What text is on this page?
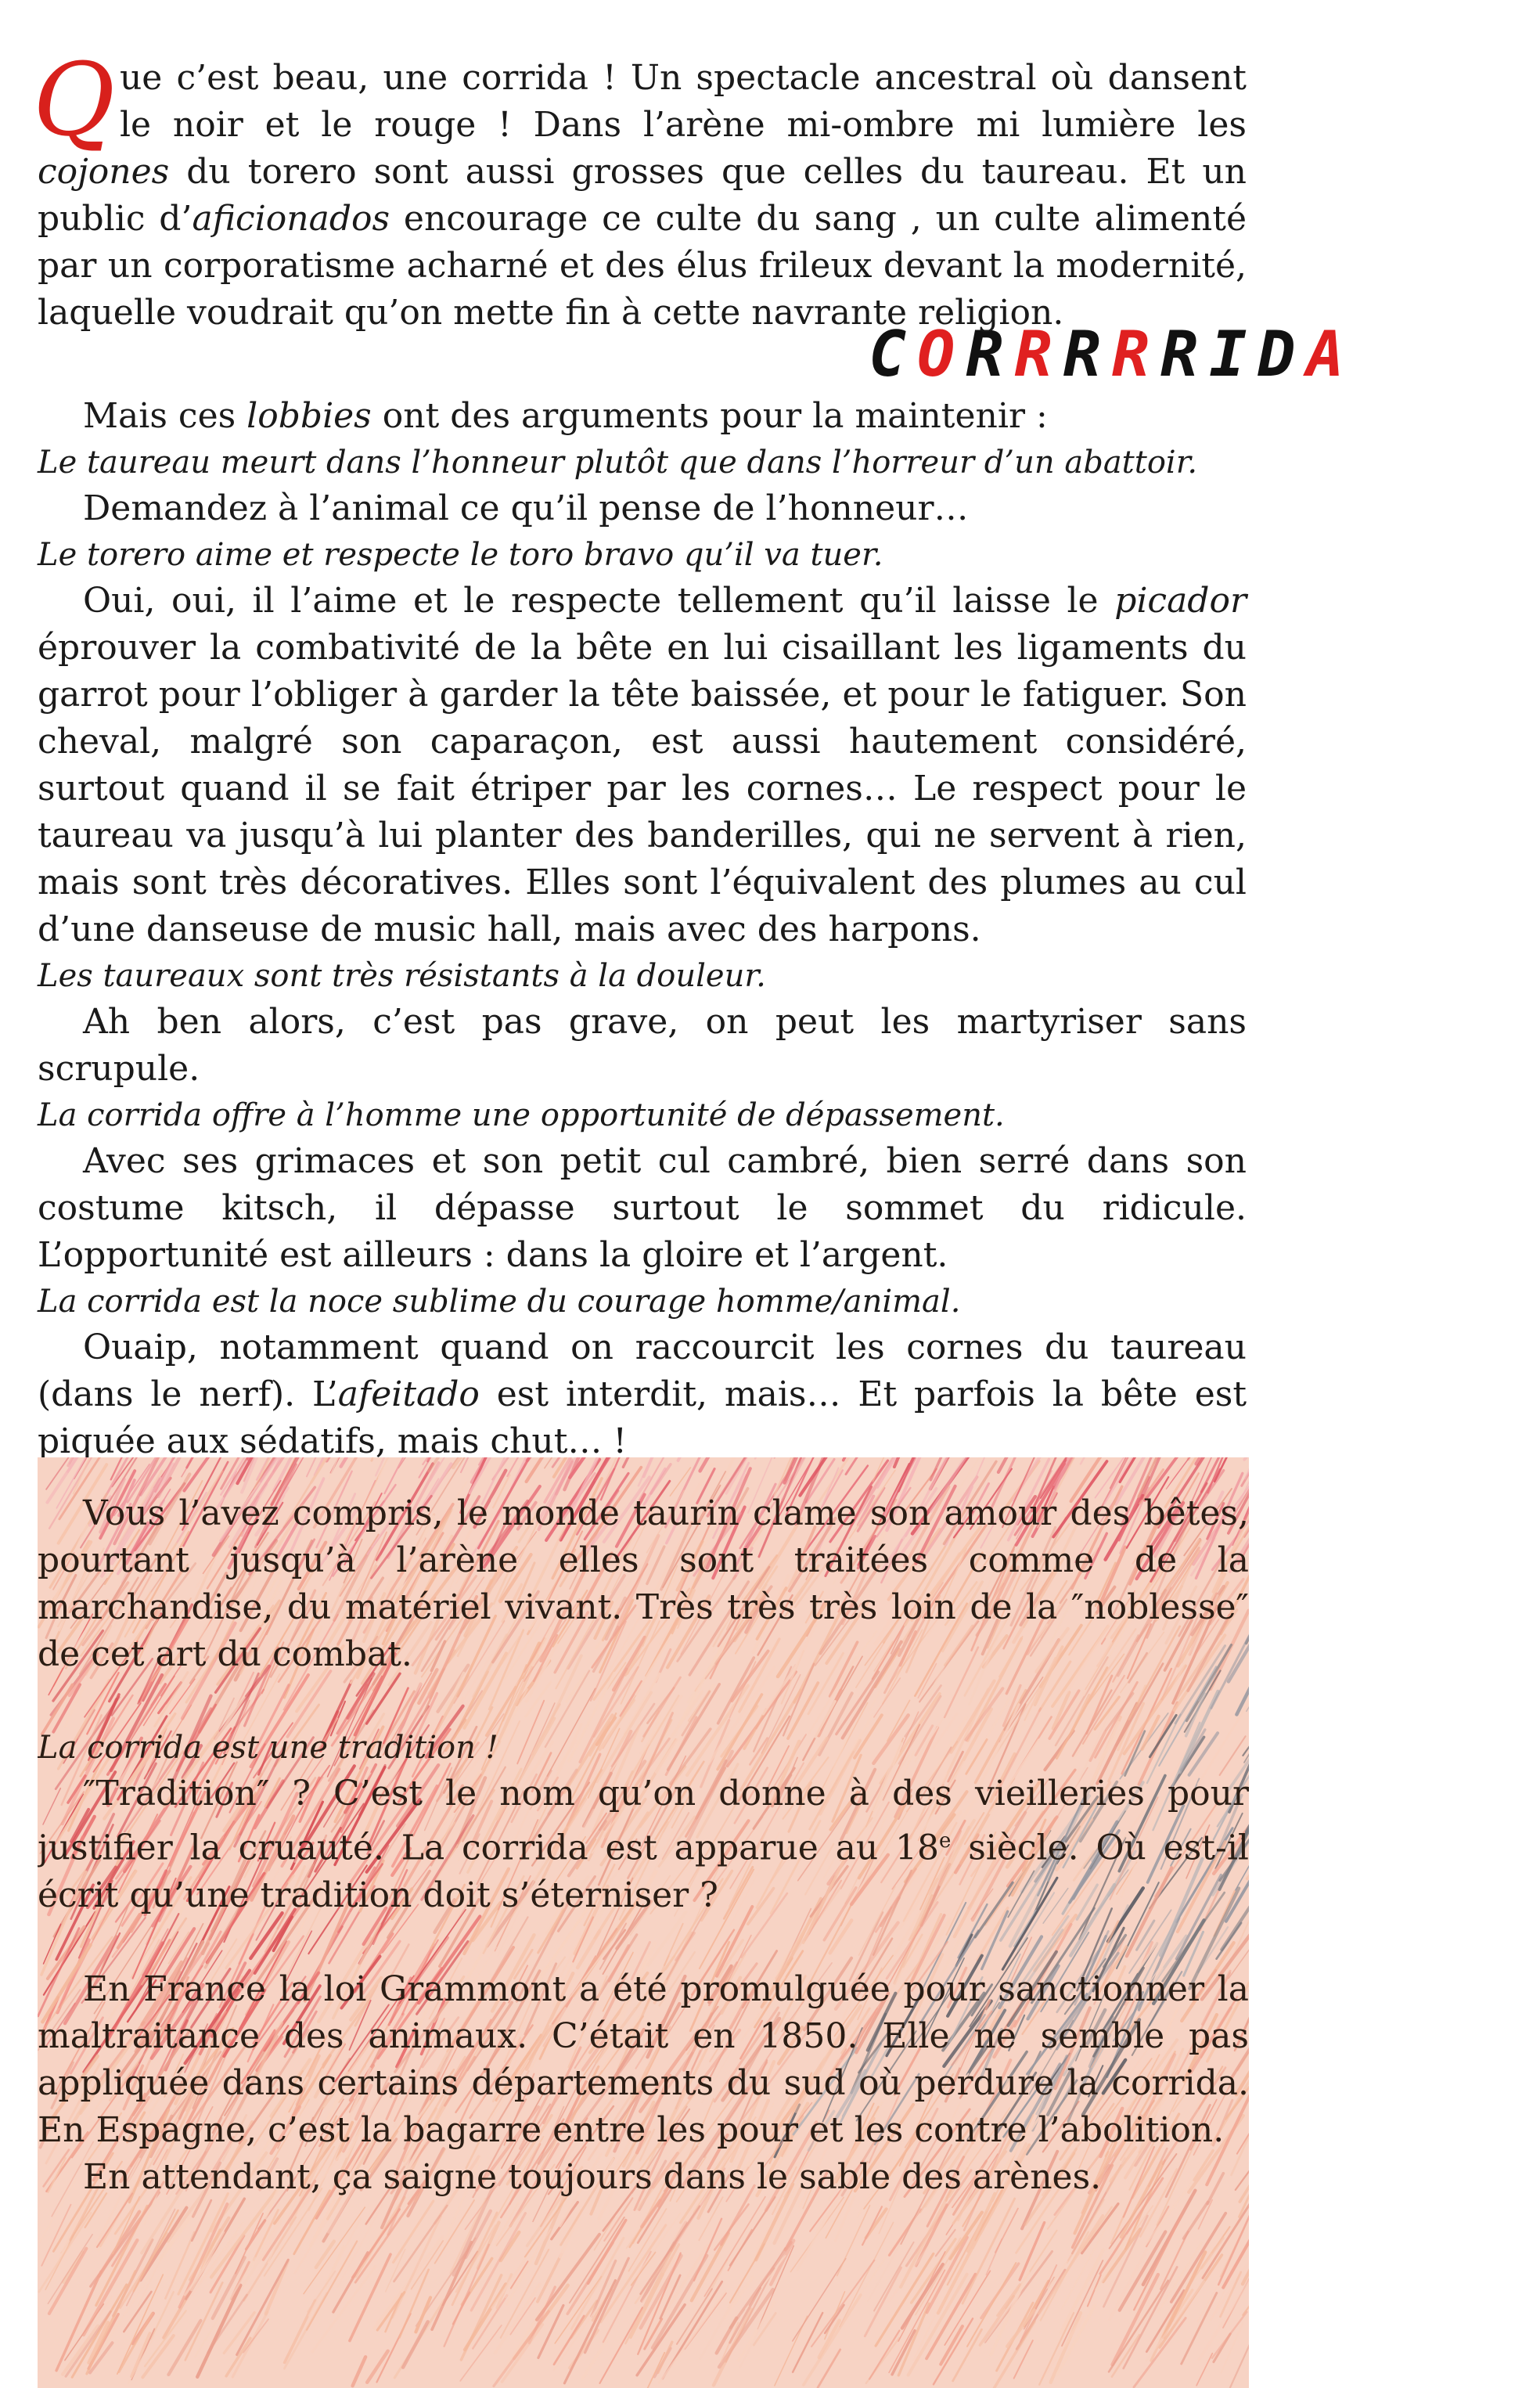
CORRRRRIDA

Que c’est beau, une corrida ! Un spectacle ancestral où dansent le noir et le rouge ! Dans l’arène mi-ombre mi lumière les cojones du torero sont aussi grosses que celles du taureau. Et un public d’aficionados encourage ce culte du sang , un culte alimenté par un corporatisme acharné et des élus frileux devant la modernité, laquelle voudrait qu’on mette fin à cette navrante religion.

Mais ces lobbies ont des arguments pour la maintenir :

Le taureau meurt dans l’honneur plutôt que dans l’horreur d’un abattoir.

Demandez à l’animal ce qu’il pense de l’honneur…

Le torero aime et respecte le toro bravo qu’il va tuer.

Oui, oui, il l’aime et le respecte tellement qu’il laisse le picador éprouver la combativité de la bête en lui cisaillant les ligaments du garrot pour l’obliger à garder la tête baissée, et pour le fatiguer. Son cheval, malgré son caparaçon, est aussi hautement considéré, surtout quand il se fait étriper par les cornes… Le respect pour le taureau va jusqu’à lui planter des banderilles, qui ne servent à rien, mais sont très décoratives. Elles sont l’équivalent des plumes au cul d’une danseuse de music hall, mais avec des harpons.

Les taureaux sont très résistants à la douleur.

Ah ben alors, c’est pas grave, on peut les martyriser sans scrupule.

La corrida offre à l’homme une opportunité de dépassement.

Avec ses grimaces et son petit cul cambré, bien serré dans son costume kitsch, il dépasse surtout le sommet du ridicule. L’opportunité est ailleurs : dans la gloire et l’argent.

La corrida est la noce sublime du courage homme/animal.

Ouaip, notamment quand on raccourcit les cornes du taureau (dans le nerf). L’afeitado est interdit, mais… Et parfois la bête est piquée aux sédatifs, mais chut… !

Vous l’avez compris, le monde taurin clame son amour des bêtes, pourtant jusqu’à l’arène elles sont traitées comme de la marchandise, du matériel vivant. Très très très loin de la ″noblesse″ de cet art du combat.

La corrida est une tradition !

″Tradition″ ? C’est le nom qu’on donne à des vieilleries pour justifier la cruauté. La corrida est apparue au 18e siècle. Où est-il écrit qu’une tradition doit s’éterniser ?

En France la loi Grammont a été promulguée pour sanctionner la maltraitance des animaux. C’était en 1850. Elle ne semble pas appliquée dans certains départements du sud où perdure la corrida. En Espagne, c’est la bagarre entre les pour et les contre l’abolition.

En attendant, ça saigne toujours dans le sable des arènes.
